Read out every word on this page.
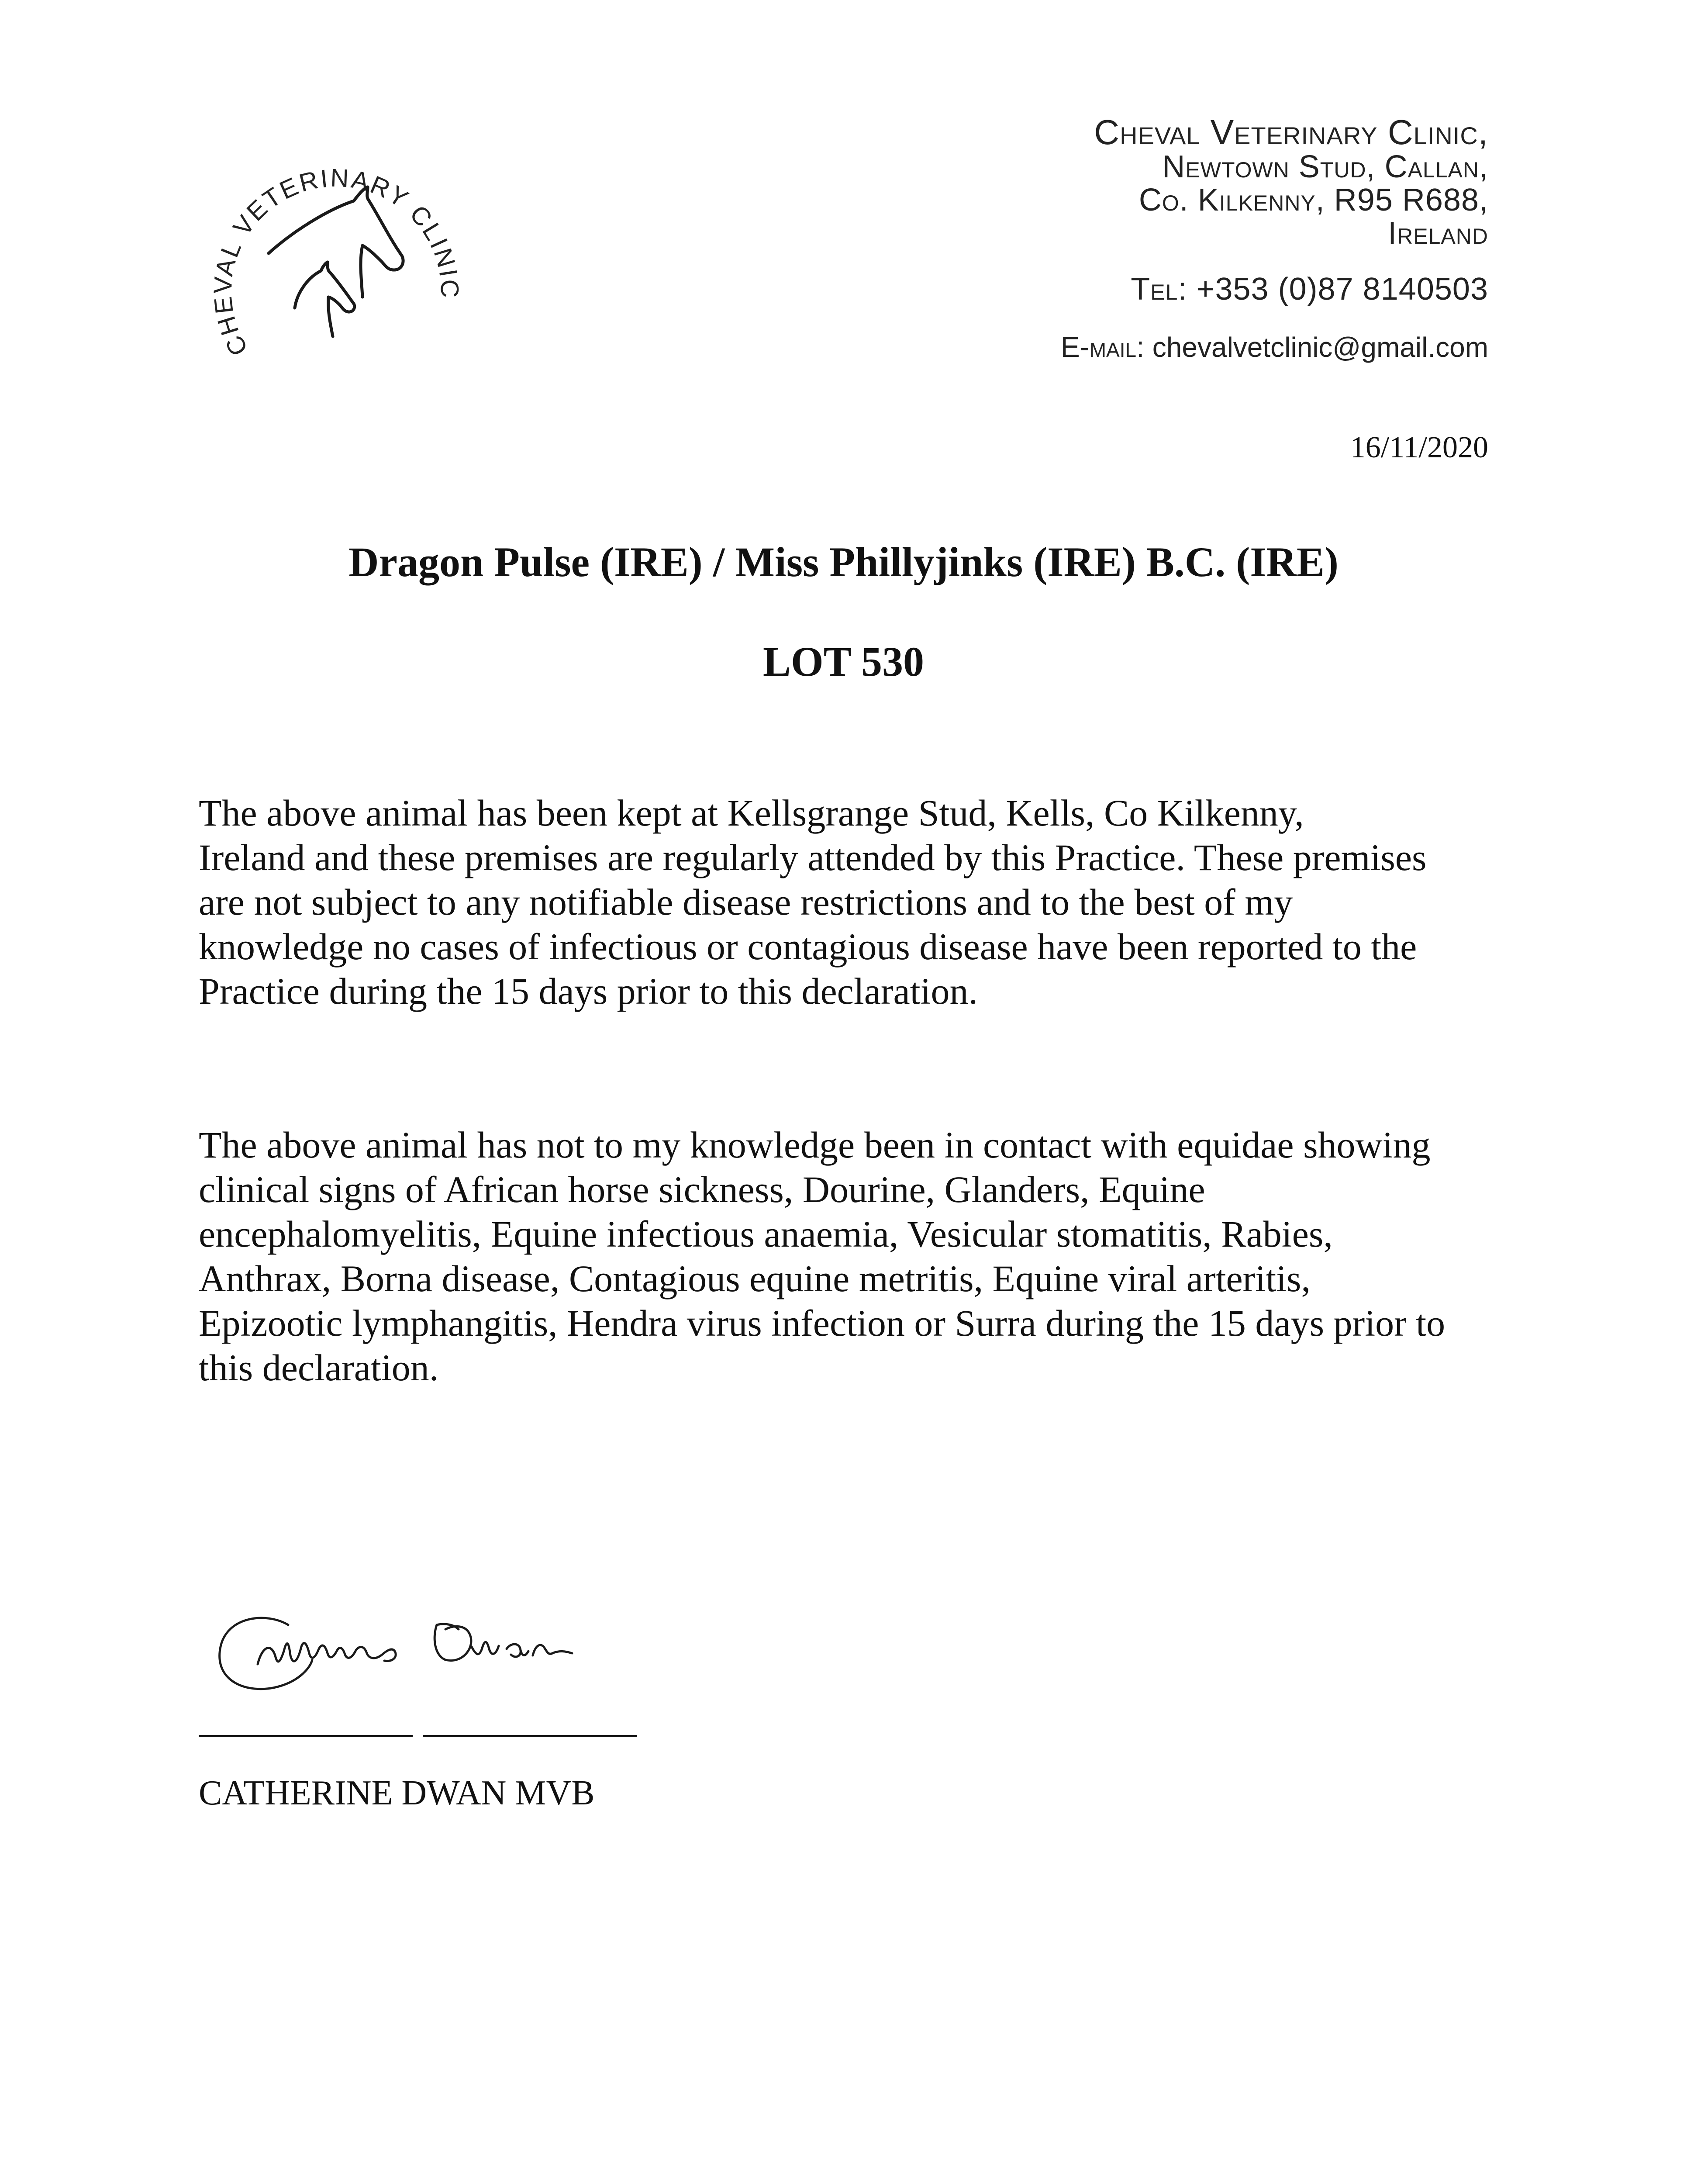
CHEVAL VETERINARY CLINIC
Cheval Veterinary Clinic,
Newtown Stud, Callan,
Co. Kilkenny, R95 R688,
Ireland
Tel: +353 (0)87 8140503
E-mail: chevalvetclinic@gmail.com
16/11/2020
Dragon Pulse (IRE) / Miss Phillyjinks (IRE) B.C. (IRE)
LOT 530
The above animal has been kept at Kellsgrange Stud, Kells, Co Kilkenny,
Ireland and these premises are regularly attended by this Practice. These premises
are not subject to any notifiable disease restrictions and to the best of my
knowledge no cases of infectious or contagious disease have been reported to the
Practice during the 15 days prior to this declaration.
The above animal has not to my knowledge been in contact with equidae showing
clinical signs of African horse sickness, Dourine, Glanders, Equine
encephalomyelitis, Equine infectious anaemia, Vesicular stomatitis, Rabies,
Anthrax, Borna disease, Contagious equine metritis, Equine viral arteritis,
Epizootic lymphangitis, Hendra virus infection or Surra during the 15 days prior to
this declaration.
CATHERINE DWAN MVB
